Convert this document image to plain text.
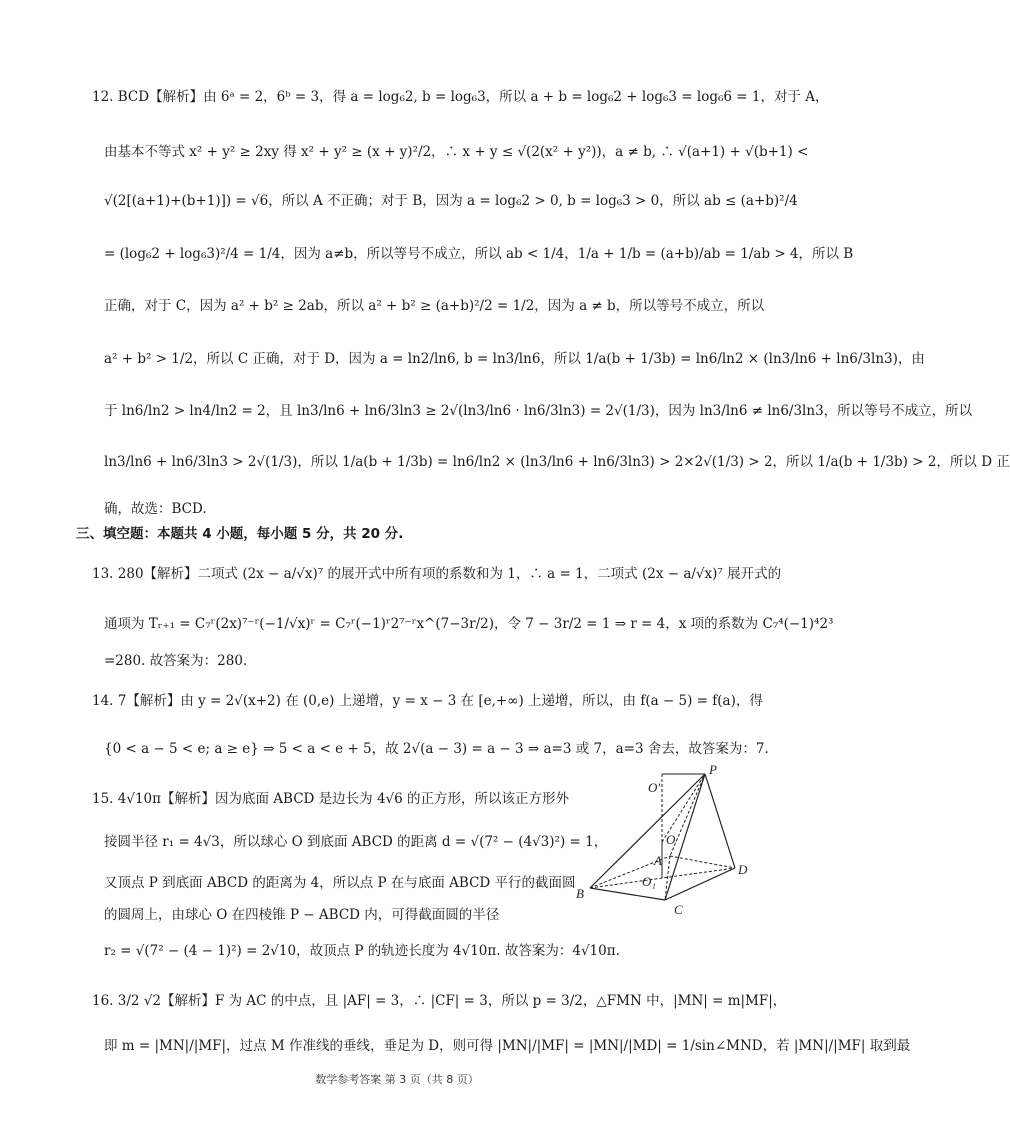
12. BCD【解析】由 6ᵃ = 2，6ᵇ = 3，得 a = log₆2, b = log₆3，所以 a + b = log₆2 + log₆3 = log₆6 = 1，对于 A，
由基本不等式 x² + y² ≥ 2xy 得 x² + y² ≥ (x + y)²/2，∴ x + y ≤ √(2(x² + y²))，a ≠ b, ∴ √(a+1) + √(b+1) <
√(2[(a+1)+(b+1)]) = √6，所以 A 不正确；对于 B，因为 a = log₆2 > 0, b = log₆3 > 0，所以 ab ≤ (a+b)²/4
= (log₆2 + log₆3)²/4 = 1/4，因为 a≠b，所以等号不成立，所以 ab < 1/4，1/a + 1/b = (a+b)/ab = 1/ab > 4，所以 B
正确，对于 C，因为 a² + b² ≥ 2ab，所以 a² + b² ≥ (a+b)²/2 = 1/2，因为 a ≠ b，所以等号不成立，所以
a² + b² > 1/2，所以 C 正确，对于 D，因为 a = ln2/ln6, b = ln3/ln6，所以 1/a(b + 1/3b) = ln6/ln2 × (ln3/ln6 + ln6/3ln3)，由
于 ln6/ln2 > ln4/ln2 = 2，且 ln3/ln6 + ln6/3ln3 ≥ 2√(ln3/ln6 · ln6/3ln3) = 2√(1/3)，因为 ln3/ln6 ≠ ln6/3ln3，所以等号不成立，所以
ln3/ln6 + ln6/3ln3 > 2√(1/3)，所以 1/a(b + 1/3b) = ln6/ln2 × (ln3/ln6 + ln6/3ln3) > 2×2√(1/3) > 2，所以 1/a(b + 1/3b) > 2，所以 D 正
确，故选：BCD.
三、填空题：本题共 4 小题，每小题 5 分，共 20 分.
13. 280【解析】二项式 (2x − a/√x)⁷ 的展开式中所有项的系数和为 1，∴ a = 1，二项式 (2x − a/√x)⁷ 展开式的
通项为 Tᵣ₊₁ = C₇ʳ(2x)⁷⁻ʳ(−1/√x)ʳ = C₇ʳ(−1)ʳ2⁷⁻ʳx^(7−3r/2)，令 7 − 3r/2 = 1 ⇒ r = 4，x 项的系数为 C₇⁴(−1)⁴2³
=280. 故答案为：280.
14. 7【解析】由 y = 2√(x+2) 在 (0,e) 上递增，y = x − 3 在 [e,+∞) 上递增，所以，由 f(a − 5) = f(a)，得
{0 < a − 5 < e; a ≥ e} ⇒ 5 < a < e + 5，故 2√(a − 3) = a − 3 ⇒ a=3 或 7，a=3 舍去，故答案为：7.
15. 4√10π【解析】因为底面 ABCD 是边长为 4√6 的正方形，所以该正方形外
接圆半径 r₁ = 4√3，所以球心 O 到底面 ABCD 的距离 d = √(7² − (4√3)²) = 1，
又顶点 P 到底面 ABCD 的距离为 4，所以点 P 在与底面 ABCD 平行的截面圆
的圆周上，由球心 O 在四棱锥 P − ABCD 内，可得截面圆的半径
r₂ = √(7² − (4 − 1)²) = 2√10，故顶点 P 的轨迹长度为 4√10π. 故答案为：4√10π.
16. 3/2 √2【解析】F 为 AC 的中点，且 |AF| = 3，∴ |CF| = 3，所以 p = 3/2，△FMN 中，|MN| = m|MF|，
即 m = |MN|/|MF|，过点 M 作准线的垂线，垂足为 D，则可得 |MN|/|MF| = |MN|/|MD| = 1/sin∠MND，若 |MN|/|MF| 取到最
P
O'
O
A
B
C
D
O₁
数学参考答案 第 3 页（共 8 页）
